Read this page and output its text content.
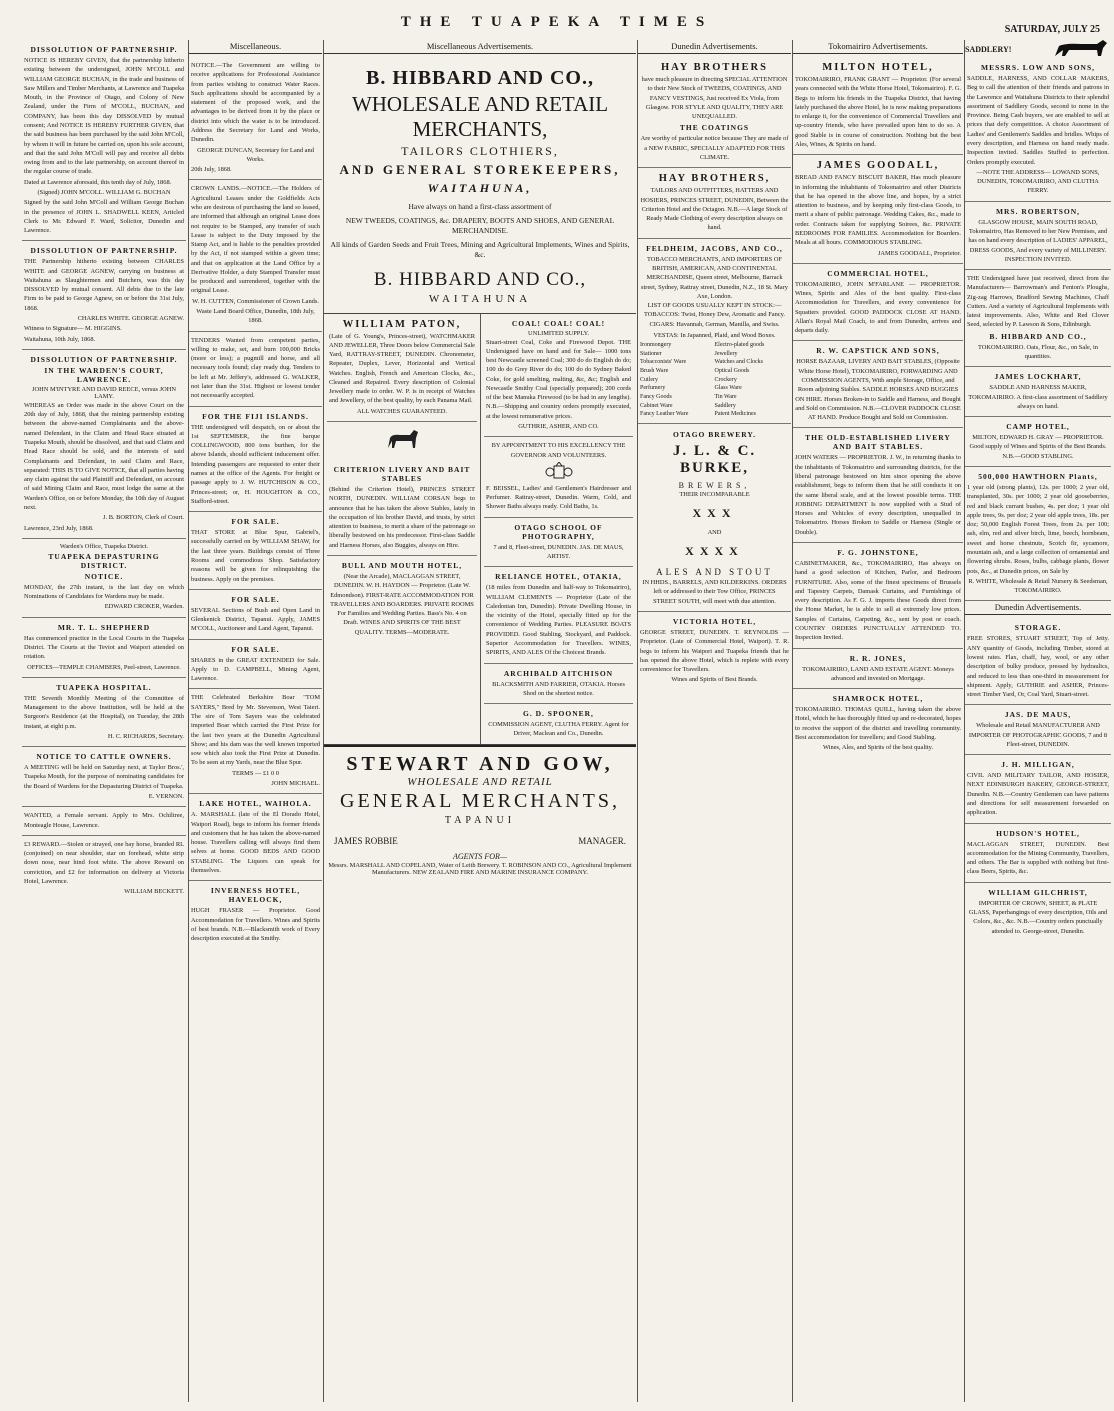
THE TUAPEKA TIMES	SATURDAY, JULY 25
DISSOLUTION OF PARTNERSHIP.

NOTICE IS HEREBY GIVEN, that the partnership hitherto existing between the undersigned, JOHN M'COLL and WILLIAM GEORGE BUCHAN, in the trade and business of Saw Millers and Timber Merchants, at Lawrence and Tuapeka Mouth, in the Province of Otago, and Colony of New Zealand, under the Firm of M'COLL, BUCHAN, and COMPANY, has been this day DISSOLVED by mutual consent; And NOTICE IS HEREBY FURTHER GIVEN, that the said business has been purchased by the said John M'Coll, by whom it will in future be carried on, upon his sole account, and that the said John M'Coll will pay and receive all debts owing from and to the late partnership, on account thereof in the regular course of trade.

Dated at Lawrence aforesaid, this tenth day of July, 1868.

(Signed) JOHN M'COLL. WILLIAM G. BUCHAN

Signed by the said John M'Coll and William George Buchan in the presence of JOHN L. SHADWELL KEEN, Articled Clerk to Mr. Edward F. Ward, Solicitor, Dunedin and Lawrence.

DISSOLUTION OF PARTNERSHIP.

THE Partnership hitherto existing between CHARLES WHITE and GEORGE AGNEW, carrying on business at Waitahuna as Slaughtermen and Butchers, was this day DISSOLVED by mutual consent. All debts due to the late Firm to be paid to George Agnew, on or before the 31st July, 1868.

CHARLES WHITE. GEORGE AGNEW.

Witness to Signature— M. HIGGINS.

Waitahuna, 10th July, 1868.

DISSOLUTION OF PARTNERSHIP.
IN THE WARDEN'S COURT, LAWRENCE.
JOHN M'INTYRE AND DAVID REECE, versus JOHN LAMY.

WHEREAS an Order was made in the above Court on the 20th day of July, 1868, that the mining partnership existing between the above-named Complainants and the above-named Defendant, in the Claim and Head Race situated at Tuapeka Mouth, should be dissolved, and that said Claim and Head Race should be sold, and the interests of said Complainants and Defendant, in said Claim and Race, separated: THIS IS TO GIVE NOTICE, that all parties having any claim against the said Plaintiff and Defendant, on account of said Mining Claim and Race, must lodge the same at the Warden's Office, on or before Monday, the 10th day of August next.

J. B. BORTON, Clerk of Court.

Lawrence, 23rd July, 1868.

Warden's Office, Tuapeka District.
TUAPEKA DEPASTURING DISTRICT.
NOTICE.

MONDAY, the 27th instant, is the last day on which Nominations of Candidates for Wardens may be made.

EDWARD CROKER, Warden.

MR. T. L. SHEPHERD

Has commenced practice in the Local Courts in the Tuapeka District. The Courts at the Teviot and Waipori attended on rotation.

OFFICES—TEMPLE CHAMBERS, Peel-street, Lawrence.

TUAPEKA HOSPITAL.

THE Seventh Monthly Meeting of the Committee of Management to the above Institution, will be held at the Surgeon's Residence (at the Hospital), on Tuesday, the 28th instant, at eight p.m.

H. C. RICHARDS, Secretary.

NOTICE TO CATTLE OWNERS.

A MEETING will be held on Saturday next, at Taylor Bros.', Tuapeka Mouth, for the purpose of nominating candidates for the Board of Wardens for the Depasturing District of Tuapeka.

E. VERNON.

WANTED, a Female servant. Apply to Mrs. Ochiltree, Monteagle House, Lawrence.

£3 REWARD.—Stolen or strayed, one bay horse, branded RL (conjoined) on near shoulder, star on forehead, white strip down nose, near hind foot white. The above Reward on conviction, and £2 for information on delivery at Victoria Hotel, Lawrence.

WILLIAM BECKETT.

Miscellaneous.

NOTICE.—The Government are willing to receive applications for Professional Assistance from parties wishing to construct Water Races. Such applications should be accompanied by a statement of the proposed work, and the advantages to be derived from it by the place or district into which the water is to be introduced. Address the Secretary for Land and Works, Dunedin.

GEORGE DUNCAN, Secretary for Land and Works.

20th July, 1868.

CROWN LANDS.—NOTICE.—The Holders of Agricultural Leases under the Goldfields Acts who are desirous of purchasing the land so leased, are informed that although an original Lease does not require to be Stamped, any transfer of such Lease is subject to the Duty imposed by the Stamp Act, and is liable to the penalties provided by the Act, if not stamped within a given time; and that on application at the Land Office by a Derivative Holder, a duty Stamped Transfer must be produced and surrendered, together with the original Lease.

W. H. CUTTEN, Commissioner of Crown Lands.

Waste Land Board Office, Dunedin, 18th July, 1868.

TENDERS Wanted from competent parties, willing to make, set, and burn 100,000 Bricks (more or less); a pugmill and horse, and all necessary tools found; clay ready dug. Tenders to be left at Mr. Jeffery's, addressed G. WALKER, not later than the 31st. Highest or lowest tender not necessarily accepted.

FOR THE FIJI ISLANDS.

THE undersigned will despatch, on or about the 1st SEPTEMBER, the fine barque COLLINGWOOD, 800 tons burthen, for the above Islands, should sufficient inducement offer. Intending passengers are requested to enter their names at the office of the Agents. For freight or passage apply to J. W. HUTCHISON & CO., Princes-street; or, H. HOUGHTON & CO., Stafford-street.

FOR SALE.

THAT STORE at Blue Spur, Gabriel's, successfully carried on by WILLIAM SHAW, for the last three years. Buildings consist of Three Rooms and commodious Shop. Satisfactory reasons will be given for relinquishing the business. Apply on the premises.

FOR SALE.

SEVERAL Sections of Bush and Open Land in Glenkenick District, Tapanui. Apply, JAMES M'COLL, Auctioneer and Land Agent, Tapanui.

FOR SALE.

SHARES in the GREAT EXTENDED for Sale. Apply to D. CAMPBELL, Mining Agent, Lawrence.

THE Celebrated Berkshire Boar "TOM SAYERS," Bred by Mr. Stevenson, West Taieri. The sire of Tom Sayers was the celebrated imported Boar which carried the First Prize for the last two years at the Dunedin Agricultural Show; and his dam was the well known imported sow which also took the First Prize at Dunedin. To be seen at my Yards, near the Blue Spur.

TERMS — £1 0 0

JOHN MICHAEL.

LAKE HOTEL, WAIHOLA.

A. MARSHALL (late of the El Dorado Hotel, Waipori Road), begs to inform his former friends and customers that he has taken the above-named house. Travellers calling will always find them selves at home. GOOD BEDS AND GOOD STABLING. The Liquors can speak for themselves.

INVERNESS HOTEL, HAVELOCK,

HUGH FRASER — Proprietor. Good Accommodation for Travellers. Wines and Spirits of best brands. N.B.—Blacksmith work of Every description executed at the Smithy.

Miscellaneous Advertisements.
B. HIBBARD AND CO.,
WHOLESALE AND RETAIL MERCHANTS,
TAILORS CLOTHIERS,
AND GENERAL STOREKEEPERS,
WAITAHUNA,

Have always on hand a first-class assortment of

NEW TWEEDS, COATINGS, &c. DRAPERY, BOOTS AND SHOES, AND GENERAL MERCHANDISE.

All kinds of Garden Seeds and Fruit Trees, Mining and Agricultural Implements, Wines and Spirits, &c.

B. HIBBARD AND CO.,
WAITAHUNA
WILLIAM PATON,

(Late of G. Young's, Princes-street), WATCHMAKER AND JEWELLER, Three Doors below Commercial Sale Yard, RATTRAY-STREET, DUNEDIN. Chronometer, Repeater, Duplex, Lever, Horizontal and Vertical Watches. English, French and American Clocks, &c., Cleaned and Repaired. Every description of Colonial Jewellery made to order. W. P. is in receipt of Watches and Jewellery, of the best quality, by each Panama Mail.

ALL WATCHES GUARANTEED.

CRITERION LIVERY AND BAIT STABLES

(Behind the Criterion Hotel), PRINCES STREET NORTH, DUNEDIN. WILLIAM CORSAN begs to announce that he has taken the above Stables, lately in the occupation of his brother David, and trusts, by strict attention to business, to merit a share of the patronage so liberally bestowed on his predecessor. First-class Saddle and Harness Horses, also Buggies, always on Hire.

BULL AND MOUTH HOTEL,

(Near the Arcade), MACLAGGAN STREET, DUNEDIN. W. H. HAYDON — Proprietor. (Late W. Edmondson). FIRST-RATE ACCOMMODATION FOR TRAVELLERS AND BOARDERS. PRIVATE ROOMS For Families and Wedding Parties. Bass's No. 4 on Draft. WINES AND SPIRITS OF THE BEST QUALITY. TERMS—MODERATE.

COAL! COAL! COAL!
UNLIMITED SUPPLY.

Stuart-street Coal, Coke and Firewood Depot. THE Undersigned have on hand and for Sale— 1000 tons best Newcastle screened Coal; 300 do do English do do; 100 do do Grey River do do; 100 do do Sydney Baked Coke, for gold smelting, malting, &c, &c; English and Newcastle Smithy Coal (specially prepared); 200 cords of the best Manuka Firewood (to be had in any lengths). N.B.—Shipping and country orders promptly executed, at the lowest remunerative prices.

GUTHRIE, ASHER, AND CO.

BY APPOINTMENT TO HIS EXCELLENCY THE GOVERNOR AND VOLUNTEERS.

F. BEISSEL, Ladies' and Gentlemen's Hairdresser and Perfumer. Rattray-street, Dunedin. Warm, Cold, and Shower Baths always ready. Cold Baths, 1s.

OTAGO SCHOOL OF PHOTOGRAPHY,

7 and 8, Fleet-street, DUNEDIN. JAS. DE MAUS, ARTIST.

RELIANCE HOTEL, OTAKIA,

(18 miles from Dunedin and half-way to Tokomairiro), WILLIAM CLEMENTS — Proprietor (Late of the Caledonian Inn, Dunedin). Private Dwelling House, in the vicinity of the Hotel, specially fitted up for the convenience of Wedding Parties. PLEASURE BOATS PROVIDED. Good Stabling, Stockyard, and Paddock. Superior Accommodation for Travellers. WINES, SPIRITS, AND ALES Of the Choicest Brands.

ARCHIBALD AITCHISON

BLACKSMITH AND FARRIER, OTAKIA. Horses Shod on the shortest notice.

G. D. SPOONER,

COMMISSION AGENT, CLUTHA FERRY. Agent for Driver, Maclean and Co., Dunedin.

STEWART AND GOW,
WHOLESALE AND RETAIL
GENERAL MERCHANTS,
TAPANUI
JAMES ROBBIE	MANAGER.
AGENTS FOR—

Messrs. MARSHALL AND COPELAND, Water of Leith Brewery. T. ROBINSON AND CO., Agricultural Implement Manufacturers. NEW ZEALAND FIRE AND MARINE INSURANCE COMPANY.

Dunedin Advertisements.
HAY BROTHERS

have much pleasure in directing SPECIAL ATTENTION to their New Stock of TWEEDS, COATINGS, AND FANCY VESTINGS, Just received Ex Viola, from Glasgow. FOR STYLE AND QUALITY, THEY ARE UNEQUALLED.

THE COATINGS

Are worthy of particular notice because They are made of a NEW FABRIC, SPECIALLY ADAPTED FOR THIS CLIMATE.

HAY BROTHERS,

TAILORS AND OUTFITTERS, HATTERS AND HOSIERS, PRINCES STREET, DUNEDIN, Between the Criterion Hotel and the Octagon. N.B.—A large Stock of Ready Made Clothing of every description always on hand.

FELDHEIM, JACOBS, AND CO.,

TOBACCO MERCHANTS, AND IMPORTERS OF BRITISH, AMERICAN, AND CONTINENTAL MERCHANDISE, Queen street, Melbourne, Barrack street, Sydney, Rattray street, Dunedin, N.Z., 18 St. Mary Axe, London.

LIST OF GOODS USUALLY KEPT IN STOCK:—

TOBACCOS: Twist, Honey Dew, Aromatic and Fancy.

CIGARS: Havannah, German, Manilla, and Swiss.

VESTAS: In Japanned, Plaid, and Wood Boxes.

Ironmongery	Electro-plated goods
Stationer	Jewellery
Tobacconists' Ware	Watches and Clocks
Brush Ware	Optical Goods
Cutlery	Crockery
Perfumery	Glass Ware
Fancy Goods	Tin Ware
Cabinet Ware	Saddlery
Fancy Leather Ware	Patent Medicines
OTAGO BREWERY.
J. L. & C. BURKE,
BREWERS,
THEIR INCOMPARABLE
XXX
AND
XXXX
ALES AND STOUT

IN HHDS., BARRELS, AND KILDERKINS. ORDERS left or addressed to their Tow Office, PRINCES STREET SOUTH, will meet with due attention.

VICTORIA HOTEL,

GEORGE STREET, DUNEDIN. T. REYNOLDS — Proprietor. (Late of Commercial Hotel, Waipori). T. R. begs to inform his Waipori and Tuapeka friends that he has opened the above Hotel, which is replete with every convenience for Travellers.

Wines and Spirits of Best Brands.

Tokomairiro Advertisements.
MILTON HOTEL,

TOKOMAIRIRO, FRANK GRANT — Proprietor. (For several years connected with the White Horse Hotel, Tokomairiro). F. G. Begs to inform his friends in the Tuapeka District, that having lately purchased the above Hotel, he is now making preparations to enlarge it, for the convenience of Commercial Travellers and up-country friends, who have prevailed upon him to do so. A good Stable is in course of construction. Nothing but the best Ales, Wines, & Spirits on hand.

JAMES GOODALL,

BREAD AND FANCY BISCUIT BAKER, Has much pleasure in informing the inhabitants of Tokomairiro and other Districts that he has opened in the above line, and hopes, by a strict attention to business, and by keeping only first-class Goods, to merit a share of public patronage. Wedding Cakes, &c., made to order. Contracts taken for supplying Soirees, &c. PRIVATE BEDROOMS FOR FAMILIES. Accommodation for Boarders. Meals at all hours. COMMODIOUS STABLING.

JAMES GOODALL, Proprietor.

COMMERCIAL HOTEL,

TOKOMAIRIRO, JOHN M'FARLANE — PROPRIETOR. Wines, Spirits and Ales of the best quality. First-class Accommodation for Travellers, and every convenience for Squatters provided. GOOD PADDOCK CLOSE AT HAND. Allan's Royal Mail Coach, to and from Dunedin, arrives and departs daily.

R. W. CAPSTICK AND SONS,

HORSE BAZAAR, LIVERY AND BAIT STABLES, (Opposite White Horse Hotel), TOKOMAIRIRO, FORWARDING AND COMMISSION AGENTS, With ample Storage, Office, and Room adjoining Stables. SADDLE HORSES AND BUGGIES ON HIRE. Horses Broken-in to Saddle and Harness, and Bought and Sold on Commission. N.B.—CLOVER PADDOCK CLOSE AT HAND. Produce Bought and Sold on Commission.

THE OLD-ESTABLISHED LIVERY AND BAIT STABLES.

JOHN WATERS — PROPRIETOR. J. W., in returning thanks to the inhabitants of Tokomairiro and surrounding districts, for the liberal patronage bestowed on him since opening the above establishment, begs to inform them that he still conducts it on the same liberal scale, and at the lowest possible terms. THE JOBBING DEPARTMENT Is now supplied with a Stud of Horses and Vehicles of every description, unequalled in Tokomairiro. Horses Broken to Saddle or Harness (Single or Double).

F. G. JOHNSTONE,

CABINETMAKER, &c., TOKOMAIRIRO, Has always on hand a good selection of Kitchen, Parlor, and Bedroom FURNITURE. Also, some of the finest specimens of Brussels and Tapestry Carpets, Damask Curtains, and Furnishings of every description. As F. G. J. imports these Goods direct from the Home Market, he is able to sell at extremely low prices. Samples of Curtains, Carpeting, &c., sent by post or coach. COUNTRY ORDERS PUNCTUALLY ATTENDED TO. Inspection Invited.

R. R. JONES,

TOKOMAIRIRO, LAND AND ESTATE AGENT. Moneys advanced and invested on Mortgage.

SHAMROCK HOTEL,

TOKOMAIRIRO. THOMAS QUILL, having taken the above Hotel, which he has thoroughly fitted up and re-decorated, hopes to receive the support of the district and travelling community. Best accommodation for travellers; and Good Stabling.

Wines, Ales, and Spirits of the best quality.

SADDLERY!
MESSRS. LOW AND SONS,

SADDLE, HARNESS, AND COLLAR MAKERS, Beg to call the attention of their friends and patrons in the Lawrence and Waitahuna Districts to their splendid assortment of Saddlery Goods, second to none in the Province. Being Cash buyers, we are enabled to sell at prices that defy competition. A choice Assortment of Ladies' and Gentlemen's Saddles and bridles. Whips of every description, and Harness on hand ready made. Inspection invited. Saddles Stuffed to perfection. Orders promptly executed.

—NOTE THE ADDRESS— LOWAND SONS, DUNEDIN, TOKOMAIRIRO, AND CLUTHA FERRY.

MRS. ROBERTSON,

GLASGOW HOUSE, MAIN SOUTH ROAD, Tokomairiro, Has Removed to her New Premises, and has on hand every description of LADIES' APPAREL, DRESS GOODS, And every variety of MILLINERY. INSPECTION INVITED.

THE Undersigned have just received, direct from the Manufacturers— Barrowman's and Fenton's Ploughs, Zig-zag Harrows, Bradford Sewing Machines, Chaff Cutters. And a variety of Agricultural Implements with latest improvements. Also, White and Red Clover Seed, selected by P. Lawson & Sons, Edinburgh.

B. HIBBARD AND CO.,

TOKOMAIRIRO. Oats, Flour, &c., on Sale, in quantities.

JAMES LOCKHART,

SADDLE AND HARNESS MAKER, TOKOMAIRIRO. A first-class assortment of Saddlery always on hand.

CAMP HOTEL,

MILTON, EDWARD H. GRAY — PROPRIETOR. Good supply of Wines and Spirits of the Best Brands. N.B.—GOOD STABLING.

500,000 HAWTHORN Plants,

1 year old (strong plants), 12s. per 1000; 2 year old, transplanted, 30s. per 1000; 2 year old gooseberries, red and black currant bushes, 4s. per doz; 1 year old apple trees, 9s. per doz; 2 year old apple trees, 18s. per doz; 50,000 English Forest Trees, from 2s. per 100; ash, elm, red and silver birch, lime, beech, hornbeam, sweet and horse chestnuts, Scotch fir, sycamore, mountain ash, and a large collection of ornamental and flowering shrubs. Roses, bulbs, cabbage plants, flower pots, &c., at Dunedin prices, on Sale by

R. WHITE, Wholesale & Retail Nursery & Seedsman, TOKOMAIRIRO.

Dunedin Advertisements.
STORAGE.

FREE STORES, STUART STREET, Top of Jetty. ANY quantity of Goods, including Timber, stored at lowest rates. Flax, chaff, hay, wool, or any other description of bulky produce, pressed by hydraulics, and reduced to less than one-third in measurement for shipment. Apply, GUTHRIE and ASHER, Princes-street Timber Yard, Or, Coal Yard, Stuart-street.

JAS. DE MAUS,

Wholesale and Retail MANUFACTURER AND IMPORTER OF PHOTOGRAPHIC GOODS, 7 and 8 Fleet-street, DUNEDIN.

J. H. MILLIGAN,

CIVIL AND MILITARY TAILOR, AND HOSIER, NEXT EDINBURGH BAKERY, GEORGE-STREET, Dunedin. N.B.—Country Gentlemen can have patterns and directions for self measurement forwarded on application.

HUDSON'S HOTEL,

MACLAGGAN STREET, DUNEDIN. Best accommodation for the Mining Community, Travellers, and others. The Bar is supplied with nothing but first-class Beers, Spirits, &c.

WILLIAM GILCHRIST,

IMPORTER OF CROWN, SHEET, & PLATE GLASS, Paperhangings of every description, Oils and Colors, &c., &c. N.B.—Country orders punctually attended to. George-street, Dunedin.
